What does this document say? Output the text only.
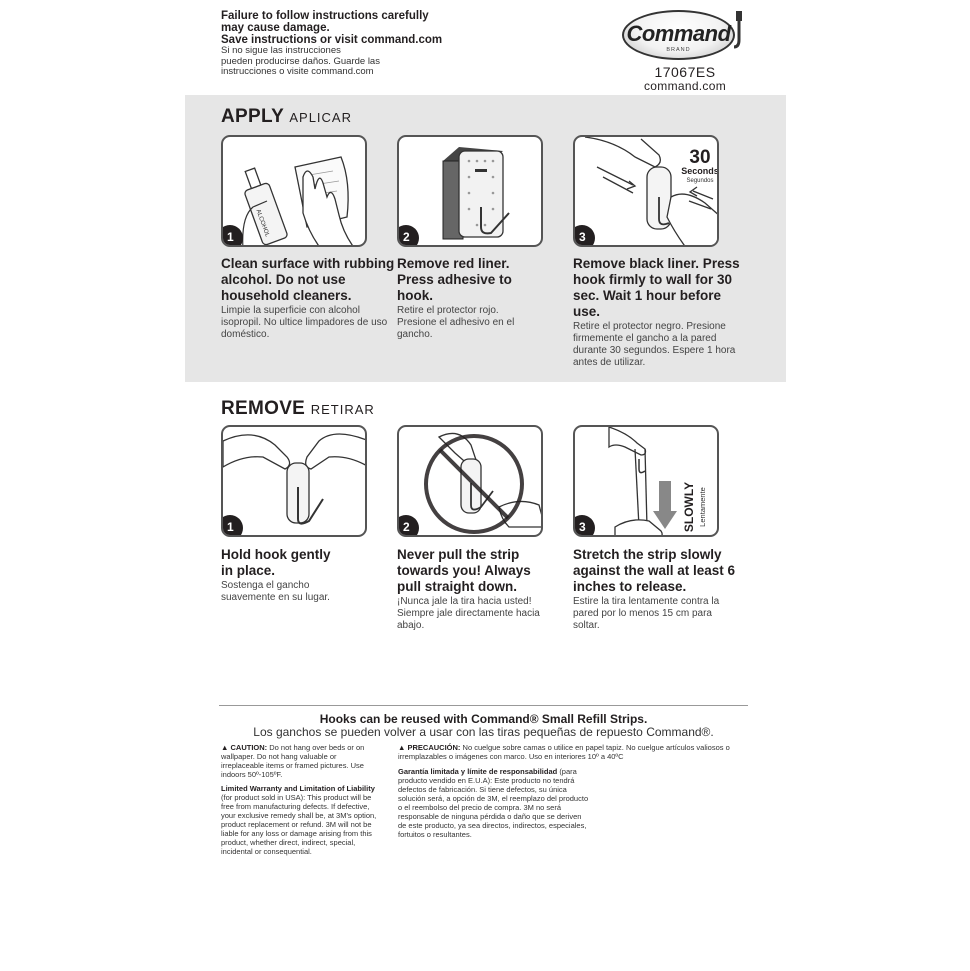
Failure to follow instructions carefully
may cause damage.
Save instructions or visit command.com
Si no sigue las instrucciones
pueden producirse daños. Guarde las
instrucciones o visite command.com
Command
BRAND
17067ES
command.com
APPLY APLICAR
ALCOHOL
1	2
30
Seconds
Segundos
3
Clean surface with rubbing alcohol. Do not use household cleaners.
Limpie la superficie con alcohol isopropil. No ultice limpadores de uso doméstico.
Remove red liner. Press adhesive to hook.
Retire el protector rojo. Presione el adhesivo en el gancho.
Remove black liner. Press hook firmly to wall for 30 sec. Wait 1 hour before use.
Retire el protector negro. Presione firmemente el gancho a la pared durante 30 segundos. Espere 1 hora antes de utilizar.
REMOVE RETIRAR
1	2	SLOWLY Lentamente
3
Hold hook gently in place.
Sostenga el gancho suavemente en su lugar.
Never pull the strip towards you! Always pull straight down.
¡Nunca jale la tira hacia usted! Siempre jale directamente hacia abajo.
Stretch the strip slowly against the wall at least 6 inches to release.
Estire la tira lentamente contra la pared por lo menos 15 cm para soltar.
Hooks can be reused with Command® Small Refill Strips.
Los ganchos se pueden volver a usar con las tiras pequeñas de repuesto Command®.
▲ CAUTION: Do not hang over beds or on wallpaper. Do not hang valuable or irreplaceable items or framed pictures. Use indoors 50º-105ºF.
Limited Warranty and Limitation of Liability (for product sold in USA): This product will be free from manufacturing defects. If defective, your exclusive remedy shall be, at 3M's option, product replacement or refund. 3M will not be liable for any loss or damage arising from this product, whether direct, indirect, special, incidental or consequential.
▲ PRECAUCIÓN: No cuelgue sobre camas o utilice en papel tapiz. No cuelgue artículos valiosos o irremplazables o imágenes con marco. Uso en interiores 10º a 40ºC
Garantía limitada y límite de responsabilidad (para producto vendido en E.U.A): Este producto no tendrá defectos de fabricación. Si tiene defectos, su única solución será, a opción de 3M, el reemplazo del producto o el reembolso del precio de compra. 3M no será responsable de ninguna pérdida o daño que se deriven de este producto, ya sea directos, indirectos, especiales, fortuitos o resultantes.
